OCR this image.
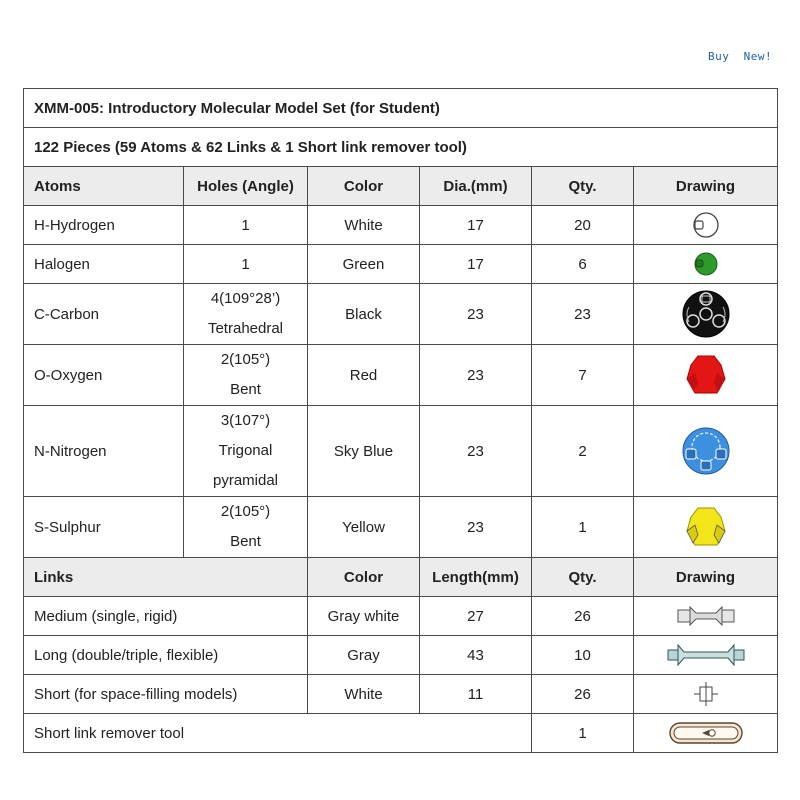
Buy  New!
XMM-005: Introductory Molecular Model Set (for Student)					
122 Pieces (59 Atoms & 62 Links & 1 Short link remover tool)					
Atoms	Holes (Angle)	Color	Dia.(mm)	Qty.	Drawing
H-Hydrogen	1	White	17	20	

Halogen	1	Green	17	6	

C-Carbon	4(109°28’)
Tetrahedral	Black	23	23	

O-Oxygen	2(105°)
Bent	Red	23	7	

N-Nitrogen	3(107°)
Trigonal
pyramidal	Sky Blue	23	2	

S-Sulphur	2(105°)
Bent	Yellow	23	1	

Links		Color	Length(mm)	Qty.	Drawing
Medium (single, rigid)		Gray white	27	26	

Long (double/triple, flexible)		Gray	43	10	

Short (for space-filling models)		White	11	26	

Short link remover tool				1	
